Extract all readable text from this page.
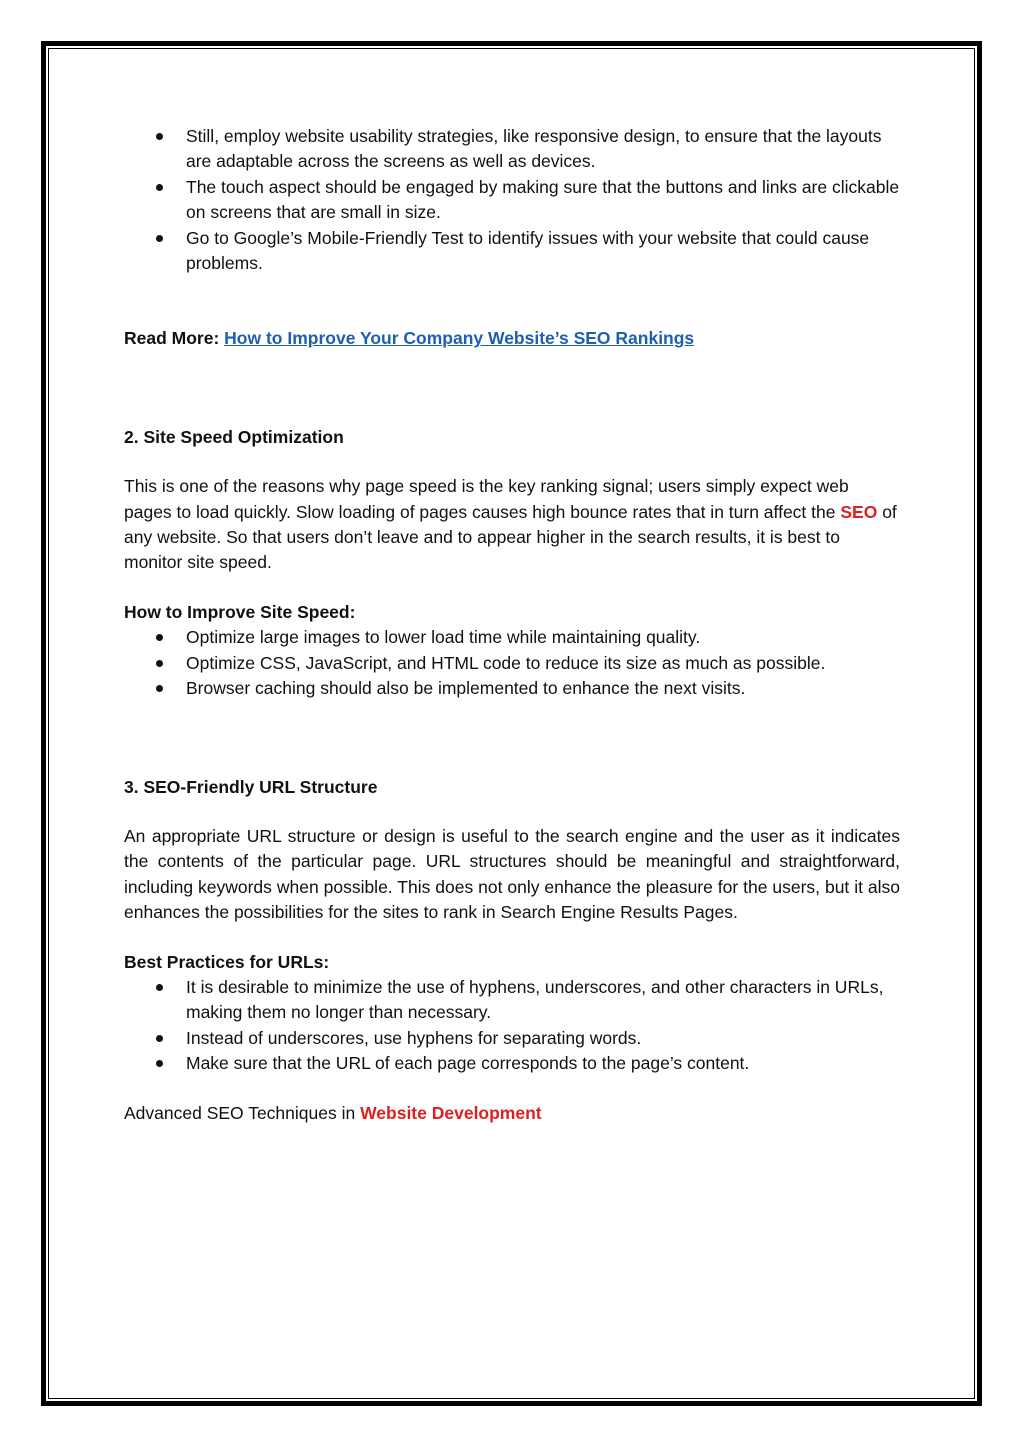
Still, employ website usability strategies, like responsive design, to ensure that the layouts are adaptable across the screens as well as devices.
The touch aspect should be engaged by making sure that the buttons and links are clickable on screens that are small in size.
Go to Google’s Mobile-Friendly Test to identify issues with your website that could cause problems.

Read More: How to Improve Your Company Website’s SEO Rankings

2. Site Speed Optimization

This is one of the reasons why page speed is the key ranking signal; users simply expect web pages to load quickly. Slow loading of pages causes high bounce rates that in turn affect the SEO of any website. So that users don’t leave and to appear higher in the search results, it is best to monitor site speed.

How to Improve Site Speed:

Optimize large images to lower load time while maintaining quality.
Optimize CSS, JavaScript, and HTML code to reduce its size as much as possible.
Browser caching should also be implemented to enhance the next visits.

3. SEO-Friendly URL Structure

An appropriate URL structure or design is useful to the search engine and the user as it indicates the contents of the particular page. URL structures should be meaningful and straightforward, including keywords when possible. This does not only enhance the pleasure for the users, but it also enhances the possibilities for the sites to rank in Search Engine Results Pages.

Best Practices for URLs:

It is desirable to minimize the use of hyphens, underscores, and other characters in URLs, making them no longer than necessary.
Instead of underscores, use hyphens for separating words.
Make sure that the URL of each page corresponds to the page’s content.

Advanced SEO Techniques in Website Development
